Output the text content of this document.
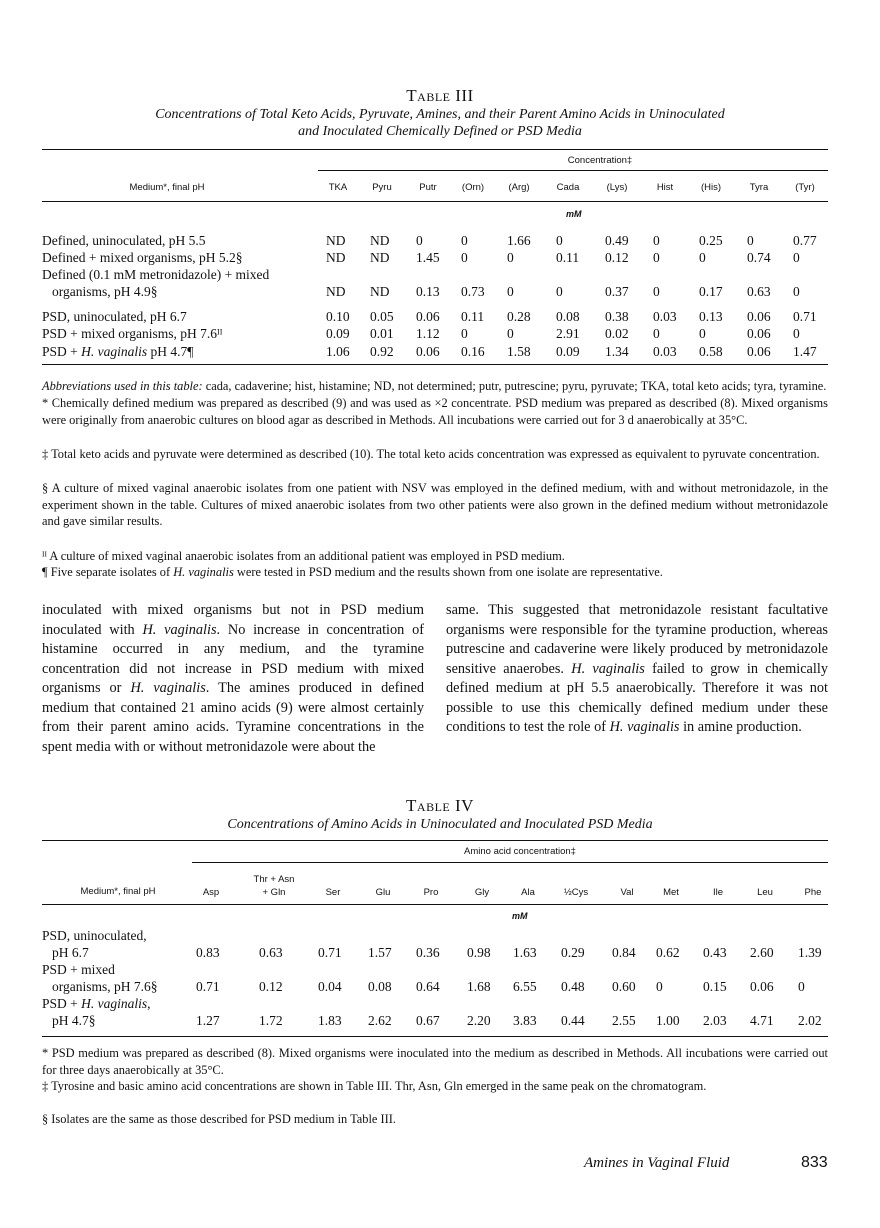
Table III
Concentrations of Total Keto Acids, Pyruvate, Amines, and their Parent Amino Acids in Uninoculated
and Inoculated Chemically Defined or PSD Media
Concentration‡
Medium*, final pH	TKA	Pyru	Putr	(Orn)	(Arg)	Cada	(Lys)	Hist	(His)	Tyra	(Tyr)
mM
Defined, uninoculated, pH 5.5	ND ND 0	0	1.66 0	0.49 0	0.25 0	0.77
Defined + mixed organisms, pH 5.2§	ND ND 1.45 0	0	0.11 0.12 0	0	0.74 0
Defined (0.1 mM metronidazole) + mixed
organisms, pH 4.9§	ND ND 0.13 0.73 0	0	0.37 0	0.17 0.63 0
PSD, uninoculated, pH 6.7	0.10 0.05 0.06 0.11 0.28 0.08 0.38 0.03 0.13 0.06 0.71
PSD + mixed organisms, pH 7.6ᴵᴵ	0.09 0.01 1.12 0	0	2.91 0.02 0	0	0.06 0
PSD + H. vaginalis pH 4.7¶	1.06 0.92 0.06 0.16 1.58 0.09 1.34 0.03 0.58 0.06 1.47
Abbreviations used in this table: cada, cadaverine; hist, histamine; ND, not determined; putr, putrescine; pyru, pyruvate; TKA, total keto acids; tyra, tyramine.
* Chemically defined medium was prepared as described (9) and was used as ×2 concentrate. PSD medium was prepared as described (8). Mixed organisms were originally from anaerobic cultures on blood agar as described in Methods. All incubations were carried out for 3 d anaerobically at 35°C.
‡ Total keto acids and pyruvate were determined as described (10). The total keto acids concentration was expressed as equivalent to pyruvate concentration.
§ A culture of mixed vaginal anaerobic isolates from one patient with NSV was employed in the defined medium, with and without metronidazole, in the experiment shown in the table. Cultures of mixed anaerobic isolates from two other patients were also grown in the defined medium without metronidazole and gave similar results.
ᴵᴵ A culture of mixed vaginal anaerobic isolates from an additional patient was employed in PSD medium.
¶ Five separate isolates of H. vaginalis were tested in PSD medium and the results shown from one isolate are representative.
inoculated with mixed organisms but not in PSD medium inoculated with H. vaginalis. No increase in concentration of histamine occurred in any medium, and the tyramine concentration did not increase in PSD medium with mixed organisms or H. vaginalis. The amines produced in defined medium that contained 21 amino acids (9) were almost certainly from their parent amino acids. Tyramine concentrations in the spent media with or without metronidazole were about the
same. This suggested that metronidazole resistant facultative organisms were responsible for the tyramine production, whereas putrescine and cadaverine were likely produced by metronidazole sensitive anaerobes. H. vaginalis failed to grow in chemically defined medium at pH 5.5 anaerobically. Therefore it was not possible to use this chemically defined medium under these conditions to test the role of H. vaginalis in amine production.
Table IV
Concentrations of Amino Acids in Uninoculated and Inoculated PSD Media
Amino acid concentration‡
Medium*, final pH	Asp
Thr + Asn
+ Gln	Ser	Glu	Pro	Gly	Ala	½Cys	Val	Met	Ile	Leu	Phe
mM
PSD, uninoculated,
pH 6.7	0.83	0.63	0.71 1.57 0.36 0.98 1.63 0.29 0.84 0.62 0.43 2.60 1.39
PSD + mixed
organisms, pH 7.6§	0.71	0.12	0.04 0.08 0.64 1.68 6.55 0.48 0.60 0	0.15 0.06 0
PSD + H. vaginalis,
pH 4.7§	1.27	1.72	1.83 2.62 0.67 2.20 3.83 0.44 2.55 1.00 2.03 4.71 2.02
* PSD medium was prepared as described (8). Mixed organisms were inoculated into the medium as described in Methods. All incubations were carried out for three days anaerobically at 35°C.
‡ Tyrosine and basic amino acid concentrations are shown in Table III. Thr, Asn, Gln emerged in the same peak on the chromatogram.
§ Isolates are the same as those described for PSD medium in Table III.
Amines in Vaginal Fluid	833
